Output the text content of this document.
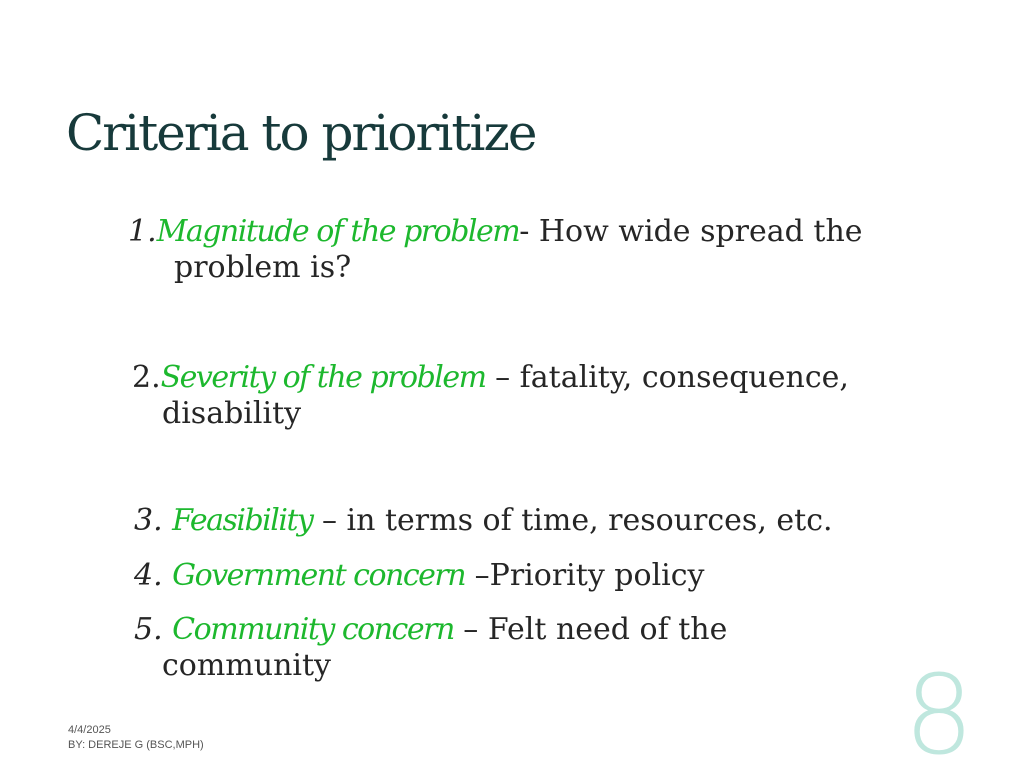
Criteria to prioritize
1.Magnitude of the problem- How wide spread the
problem is?
2.Severity of the problem – fatality, consequence,
disability
3. Feasibility – in terms of time, resources, etc.
4. Government concern –Priority policy
5. Community concern – Felt need of the
community
4/4/2025
BY: DEREJE G (BSC,MPH)	8
